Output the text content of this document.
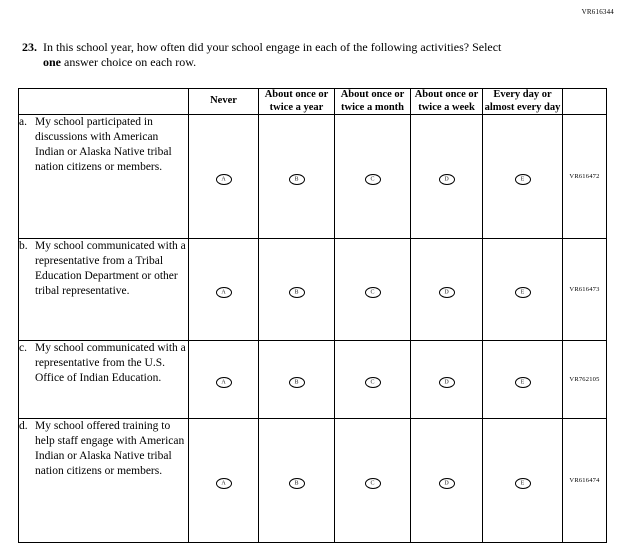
VR616344
23. In this school year, how often did your school engage in each of the following activities? Select one answer choice on each row.
	Never	About once or twice a year	About once or twice a month	About once or twice a week	Every day or almost every day	

a. My school participated in discussions with American Indian or Alaska Native tribal nation citizens or members.	A	B	C	D	E	VR616472

b. My school communicated with a representative from a Tribal Education Department or other tribal representative.	A	B	C	D	E	VR616473

c. My school communicated with a representative from the U.S. Office of Indian Education.	A	B	C	D	E	VR762105

d. My school offered training to help staff engage with American Indian or Alaska Native tribal nation citizens or members.	A	B	C	D	E	VR616474
